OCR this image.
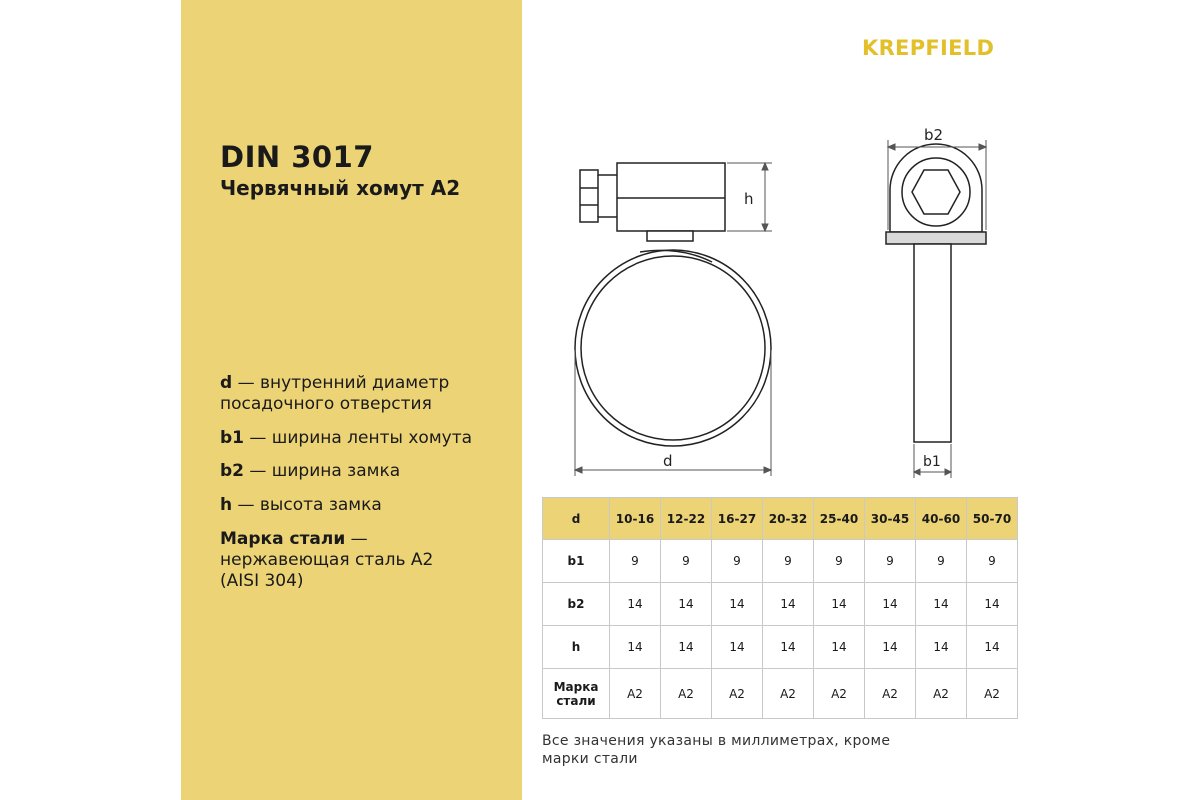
DIN 3017
Червячный хомут А2
d — внутренний диаметр посадочного отверстия
b1 — ширина ленты хомута
b2 — ширина замка
h — высота замка
Марка стали — нержавеющая сталь А2 (AISI 304)
KREPFIELD
h
d
b2
b1
d	10-16	12-22	16-27	20-32	25-40	30-45	40-60	50-70
b1	9	9	9	9	9	9	9	9
b2	14	14	14	14	14	14	14	14
h	14	14	14	14	14	14	14	14
Марка стали	А2	А2	А2	А2	А2	А2	А2	А2
Все значения указаны в миллиметрах, кроме марки стали
